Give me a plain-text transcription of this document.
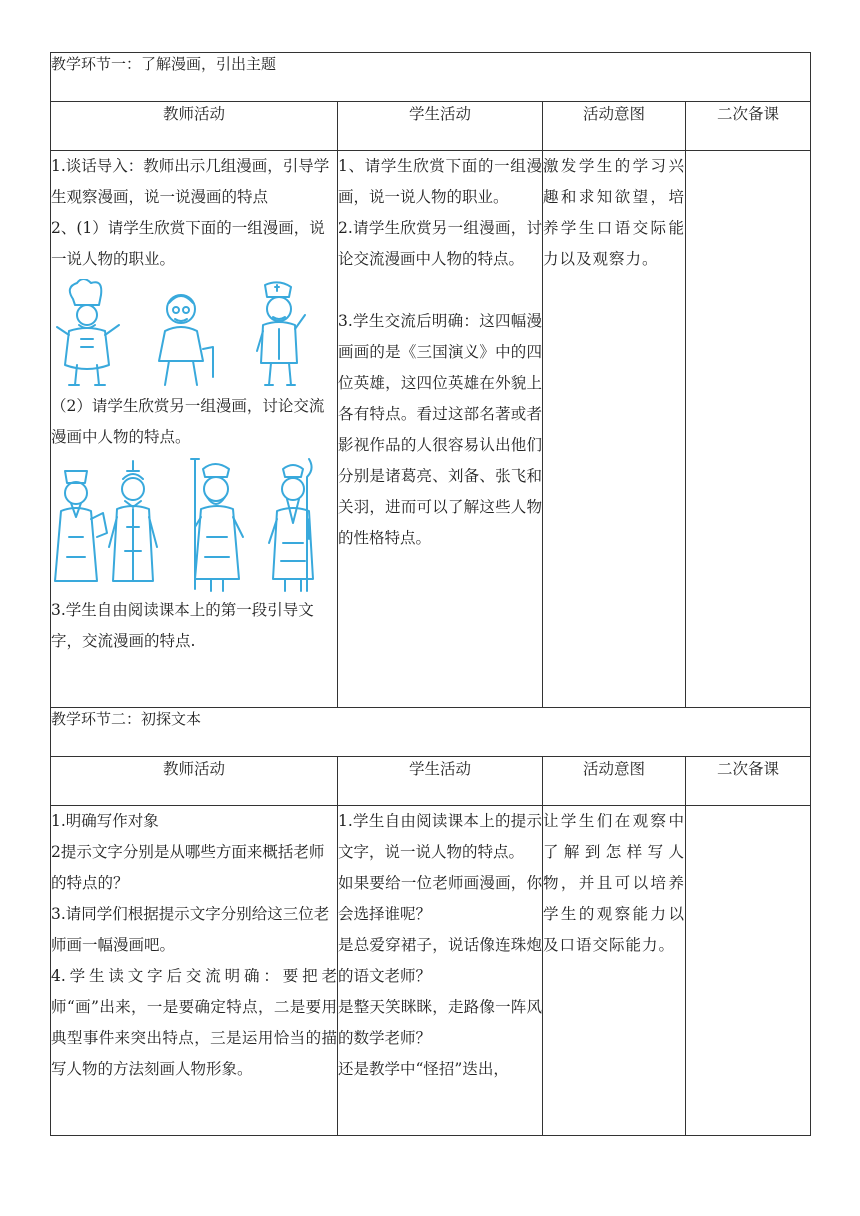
教学环节一：了解漫画，引出主题			
教师活动	学生活动	活动意图	二次备课

1.谈话导入：教师出示几组漫画，引导学生观察漫画，说一说漫画的特点
2、(1）请学生欣赏下面的一组漫画，说一说人物的职业。
（2）请学生欣赏另一组漫画，讨论交流漫画中人物的特点。
3.学生自由阅读课本上的第一段引导文字，交流漫画的特点.	1、请学生欣赏下面的一组漫画，说一说人物的职业。
2.请学生欣赏另一组漫画，讨论交流漫画中人物的特点。
3.学生交流后明确：这四幅漫画画的是《三国演义》中的四位英雄，这四位英雄在外貌上各有特点。看过这部名著或者影视作品的人很容易认出他们分别是诸葛亮、刘备、张飞和关羽，进而可以了解这些人物的性格特点。	激发学生的学习兴趣和求知欲望，培养学生口语交际能力以及观察力。	
教学环节二：初探文本			
教师活动	学生活动	活动意图	二次备课

1.明确写作对象
2提示文字分别是从哪些方面来概括老师的特点的？
3.请同学们根据提示文字分别给这三位老师画一幅漫画吧。
4.学生读文字后交流明确：要把老师“画”出来，一是要确定特点，二是要用典型事件来突出特点，三是运用恰当的描写人物的方法刻画人物形象。	1.学生自由阅读课本上的提示文字，说一说人物的特点。
如果要给一位老师画漫画，你会选择谁呢？
是总爱穿裙子，说话像连珠炮的语文老师？
是整天笑眯眯，走路像一阵风的数学老师？
还是教学中“怪招”迭出，	让学生们在观察中了解到怎样写人物，并且可以培养学生的观察能力以及口语交际能力。	
